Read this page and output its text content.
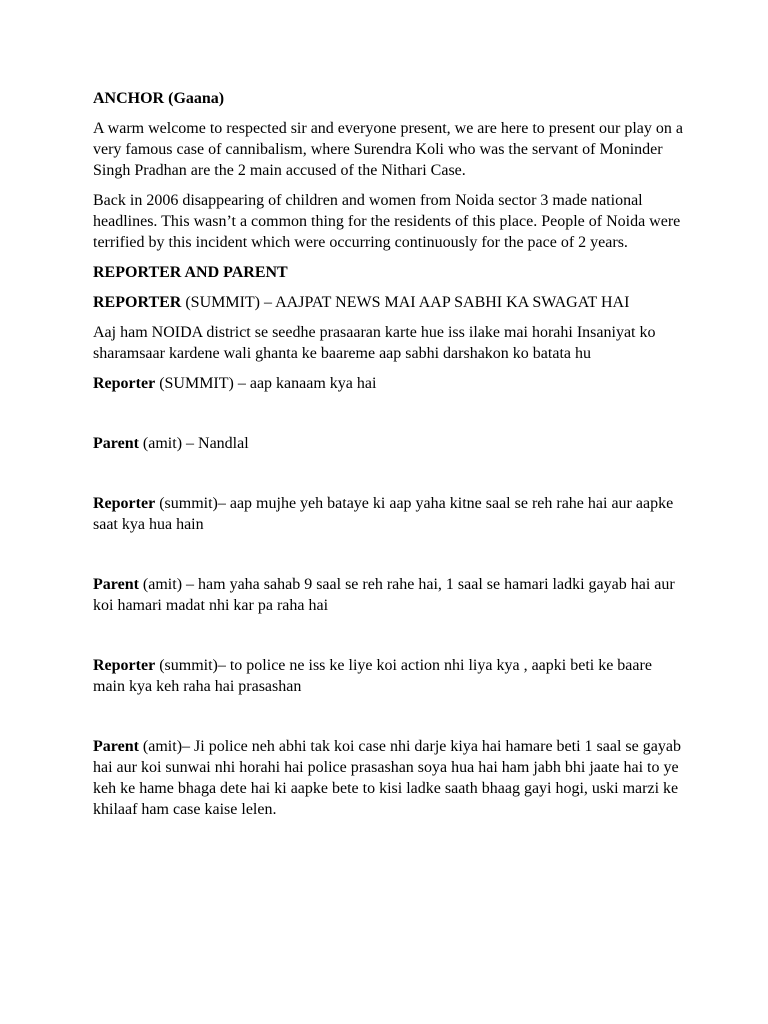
ANCHOR (Gaana)

A warm welcome to respected sir and everyone present, we are here to present our play on a very famous case of cannibalism, where Surendra Koli who was the servant of Moninder Singh Pradhan are the 2 main accused of the Nithari Case.

Back in 2006 disappearing of children and women from Noida sector 3 made national headlines. This wasn’t a common thing for the residents of this place. People of Noida were terrified by this incident which were occurring continuously for the pace of 2 years.

REPORTER AND PARENT

REPORTER (SUMMIT) – AAJPAT NEWS MAI AAP SABHI KA SWAGAT HAI

Aaj ham NOIDA district se seedhe prasaaran karte hue iss ilake mai horahi Insaniyat ko sharamsaar kardene wali ghanta ke baareme aap sabhi darshakon ko batata hu

Reporter (SUMMIT) – aap kanaam kya hai

Parent (amit) – Nandlal

Reporter (summit)– aap mujhe yeh bataye ki aap yaha kitne saal se reh rahe hai aur aapke saat kya hua hain

Parent (amit) – ham yaha sahab 9 saal se reh rahe hai, 1 saal se hamari ladki gayab hai aur koi hamari madat nhi kar pa raha hai

Reporter (summit)– to police ne iss ke liye koi action nhi liya kya , aapki beti ke baare main kya keh raha hai prasashan

Parent (amit)– Ji police neh abhi tak koi case nhi darje kiya hai hamare beti 1 saal se gayab hai aur koi sunwai nhi horahi hai police prasashan soya hua hai ham jabh bhi jaate hai to ye keh ke hame bhaga dete hai ki aapke bete to kisi ladke saath bhaag gayi hogi, uski marzi ke khilaaf ham case kaise lelen.
